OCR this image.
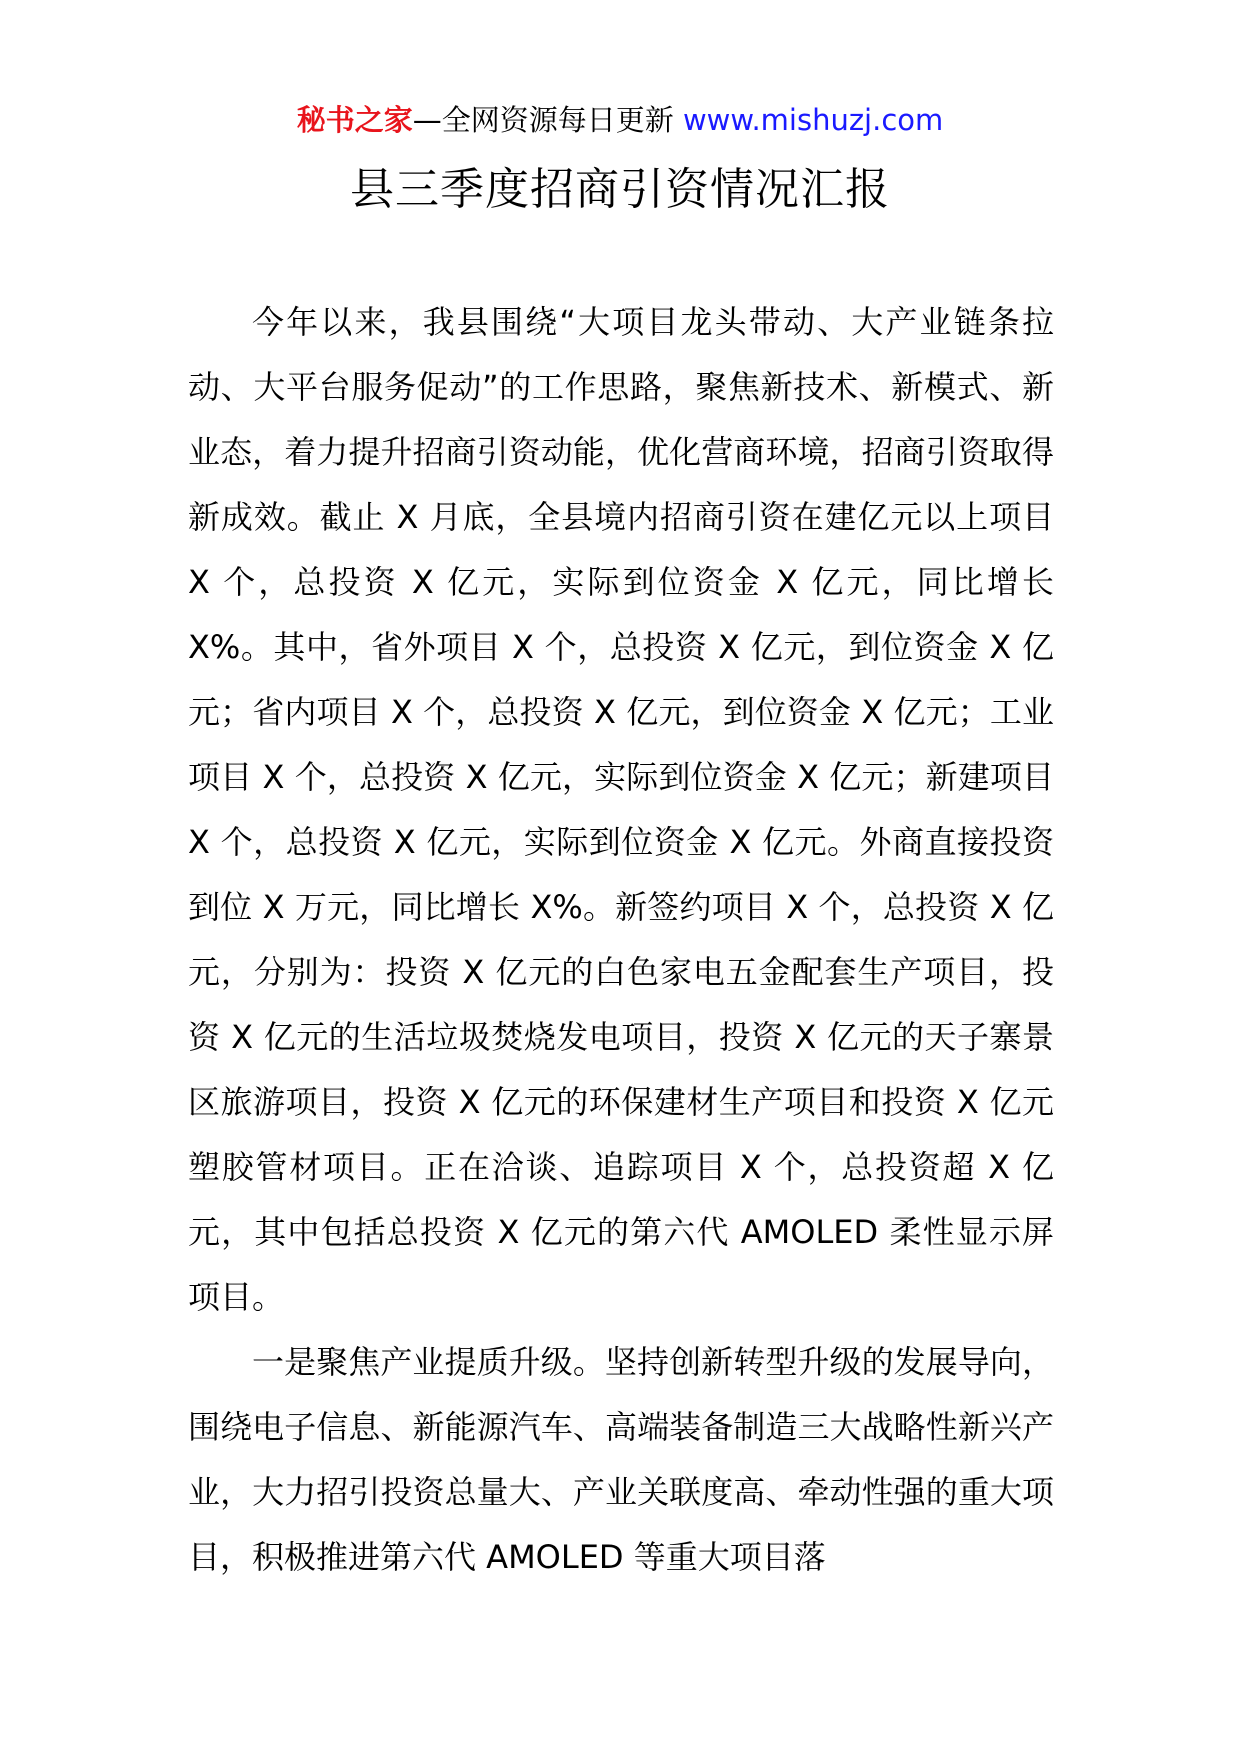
秘书之家—全网资源每日更新 www.mishuzj.com
县三季度招商引资情况汇报

今年以来，我县围绕“大项目龙头带动、大产业链条拉动、大平台服务促动”的工作思路，聚焦新技术、新模式、新业态，着力提升招商引资动能，优化营商环境，招商引资取得新成效。截止 X 月底，全县境内招商引资在建亿元以上项目 X 个，总投资 X 亿元，实际到位资金 X 亿元，同比增长 X%。其中，省外项目 X 个，总投资 X 亿元，到位资金 X 亿元；省内项目 X 个，总投资 X 亿元，到位资金 X 亿元；工业项目 X 个，总投资 X 亿元，实际到位资金 X 亿元；新建项目 X 个，总投资 X 亿元，实际到位资金 X 亿元。外商直接投资到位 X 万元，同比增长 X%。新签约项目 X 个，总投资 X 亿元，分别为：投资 X 亿元的白色家电五金配套生产项目，投资 X 亿元的生活垃圾焚烧发电项目，投资 X 亿元的天子寨景区旅游项目，投资 X 亿元的环保建材生产项目和投资 X 亿元塑胶管材项目。正在洽谈、追踪项目 X 个，总投资超 X 亿元，其中包括总投资 X 亿元的第六代 AMOLED 柔性显示屏项目。

一是聚焦产业提质升级。坚持创新转型升级的发展导向，围绕电子信息、新能源汽车、高端装备制造三大战略性新兴产业，大力招引投资总量大、产业关联度高、牵动性强的重大项目，积极推进第六代 AMOLED 等重大项目落
